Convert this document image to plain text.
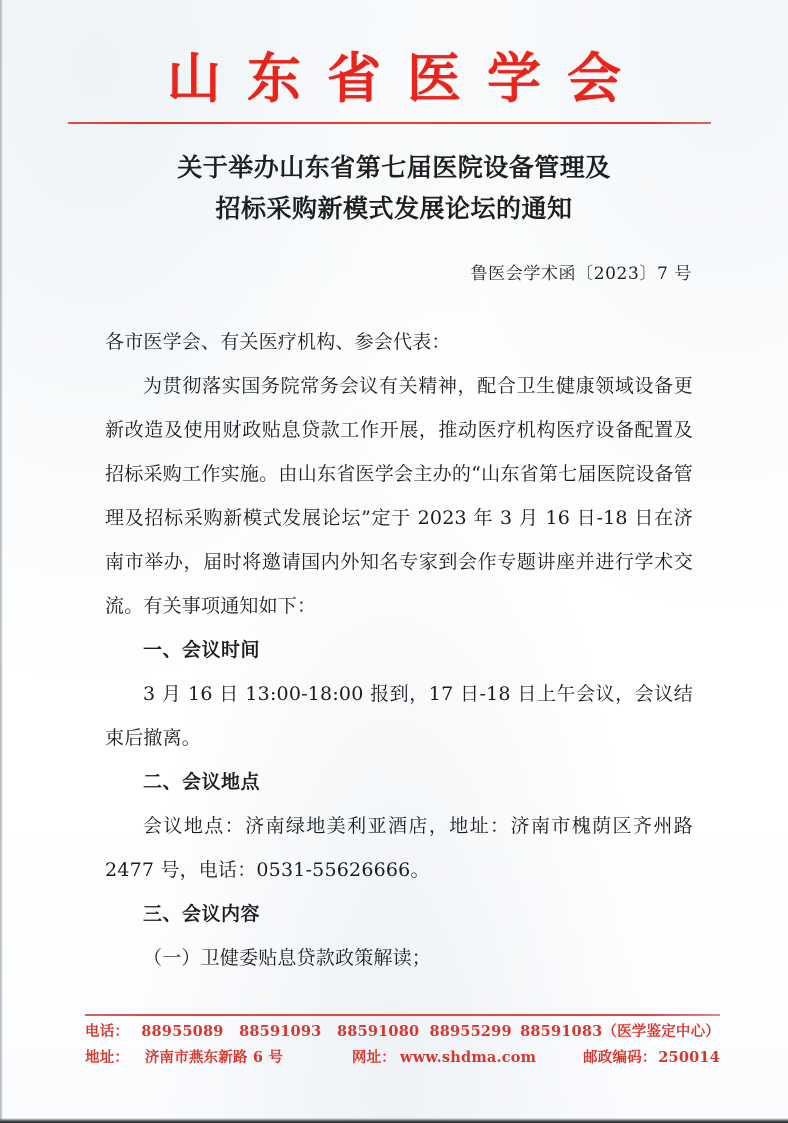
山东省医学会
关于举办山东省第七届医院设备管理及
招标采购新模式发展论坛的通知
鲁医会学术函〔2023〕7 号
各市医学会、有关医疗机构、参会代表：
为贯彻落实国务院常务会议有关精神，配合卫生健康领域设备更新改造及使用财政贴息贷款工作开展，推动医疗机构医疗设备配置及招标采购工作实施。由山东省医学会主办的“山东省第七届医院设备管理及招标采购新模式发展论坛”定于 2023 年 3 月 16 日-18 日在济南市举办，届时将邀请国内外知名专家到会作专题讲座并进行学术交流。有关事项通知如下：
一、会议时间
3 月 16 日 13:00-18:00 报到，17 日-18 日上午会议，会议结束后撤离。
二、会议地点
会议地点：济南绿地美利亚酒店，地址：济南市槐荫区齐州路 2477 号，电话：0531-55626666。
三、会议内容
（一）卫健委贴息贷款政策解读；
电话： 88955089	88591093	88591080 88955299 88591083（医学鉴定中心）
地址：	济南市燕东新路 6 号	网址： www.shdma.com	邮政编码： 250014
